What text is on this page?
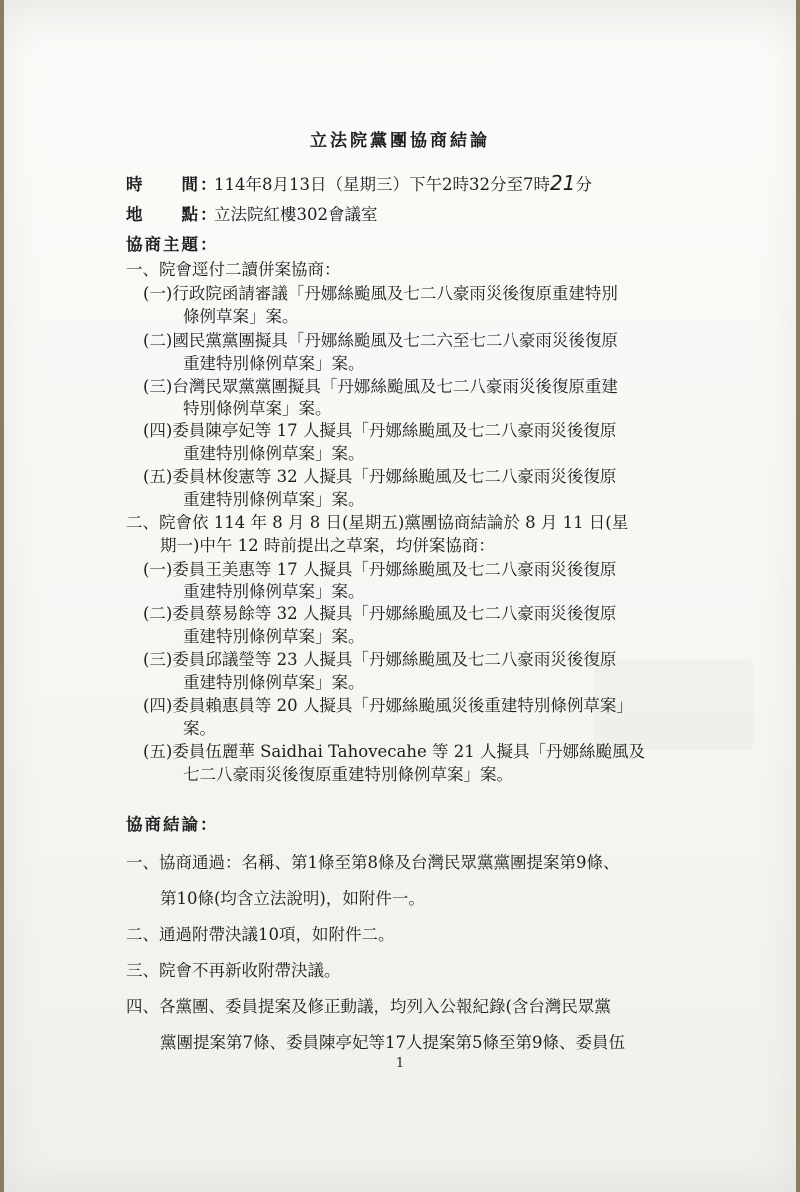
立法院黨團協商結論
時　　間：114年8月13日（星期三）下午2時32分至7時21分
地　　點：立法院紅樓302會議室
協商主題：
一、院會逕付二讀併案協商：
(一)行政院函請審議「丹娜絲颱風及七二八豪雨災後復原重建特別
條例草案」案。
(二)國民黨黨團擬具「丹娜絲颱風及七二六至七二八豪雨災後復原
重建特別條例草案」案。
(三)台灣民眾黨黨團擬具「丹娜絲颱風及七二八豪雨災後復原重建
特別條例草案」案。
(四)委員陳亭妃等 17 人擬具「丹娜絲颱風及七二八豪雨災後復原
重建特別條例草案」案。
(五)委員林俊憲等 32 人擬具「丹娜絲颱風及七二八豪雨災後復原
重建特別條例草案」案。
二、院會依 114 年 8 月 8 日(星期五)黨團協商結論於 8 月 11 日(星
期一)中午 12 時前提出之草案，均併案協商：
(一)委員王美惠等 17 人擬具「丹娜絲颱風及七二八豪雨災後復原
重建特別條例草案」案。
(二)委員蔡易餘等 32 人擬具「丹娜絲颱風及七二八豪雨災後復原
重建特別條例草案」案。
(三)委員邱議瑩等 23 人擬具「丹娜絲颱風及七二八豪雨災後復原
重建特別條例草案」案。
(四)委員賴惠員等 20 人擬具「丹娜絲颱風災後重建特別條例草案」
案。
(五)委員伍麗華 Saidhai Tahovecahe 等 21 人擬具「丹娜絲颱風及
七二八豪雨災後復原重建特別條例草案」案。
協商結論：
一、協商通過：名稱、第1條至第8條及台灣民眾黨黨團提案第9條、
第10條(均含立法說明)，如附件一。
二、通過附帶決議10項，如附件二。
三、院會不再新收附帶決議。
四、各黨團、委員提案及修正動議，均列入公報紀錄(含台灣民眾黨
黨團提案第7條、委員陳亭妃等17人提案第5條至第9條、委員伍
1
